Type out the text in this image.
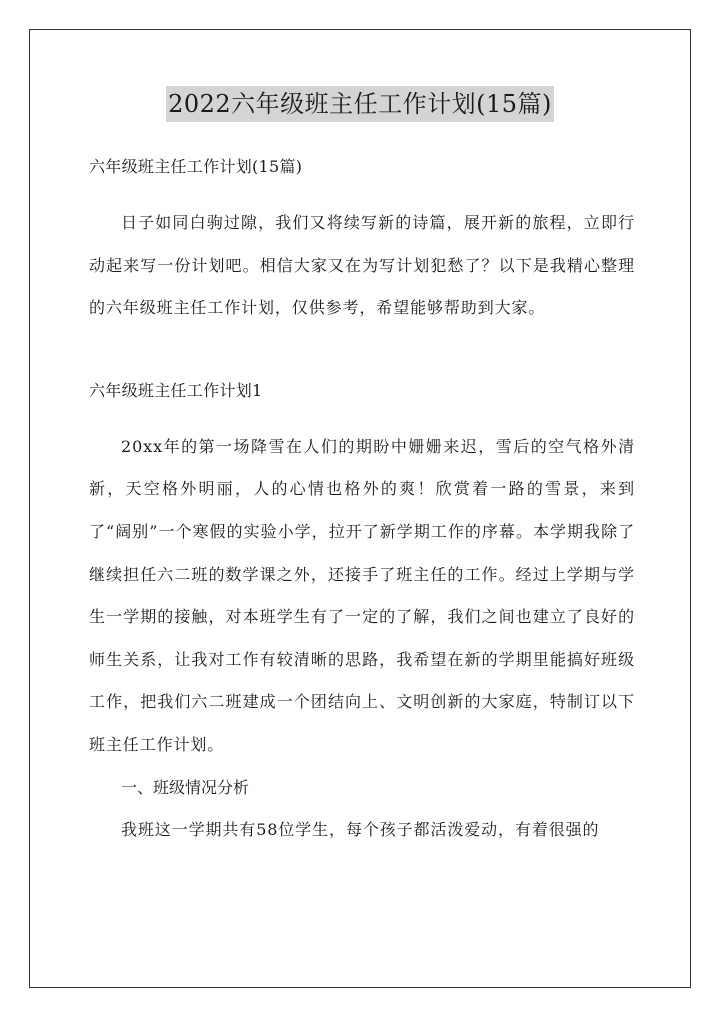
2022六年级班主任工作计划(15篇)

六年级班主任工作计划(15篇)

日子如同白驹过隙，我们又将续写新的诗篇，展开新的旅程，立即行动起来写一份计划吧。相信大家又在为写计划犯愁了？以下是我精心整理的六年级班主任工作计划，仅供参考，希望能够帮助到大家。

六年级班主任工作计划1

20xx年的第一场降雪在人们的期盼中姗姗来迟，雪后的空气格外清新，天空格外明丽，人的心情也格外的爽！欣赏着一路的雪景，来到了“阔别”一个寒假的实验小学，拉开了新学期工作的序幕。本学期我除了继续担任六二班的数学课之外，还接手了班主任的工作。经过上学期与学生一学期的接触，对本班学生有了一定的了解，我们之间也建立了良好的师生关系，让我对工作有较清晰的思路，我希望在新的学期里能搞好班级工作，把我们六二班建成一个团结向上、文明创新的大家庭，特制订以下班主任工作计划。

一、班级情况分析

我班这一学期共有58位学生，每个孩子都活泼爱动，有着很强的
